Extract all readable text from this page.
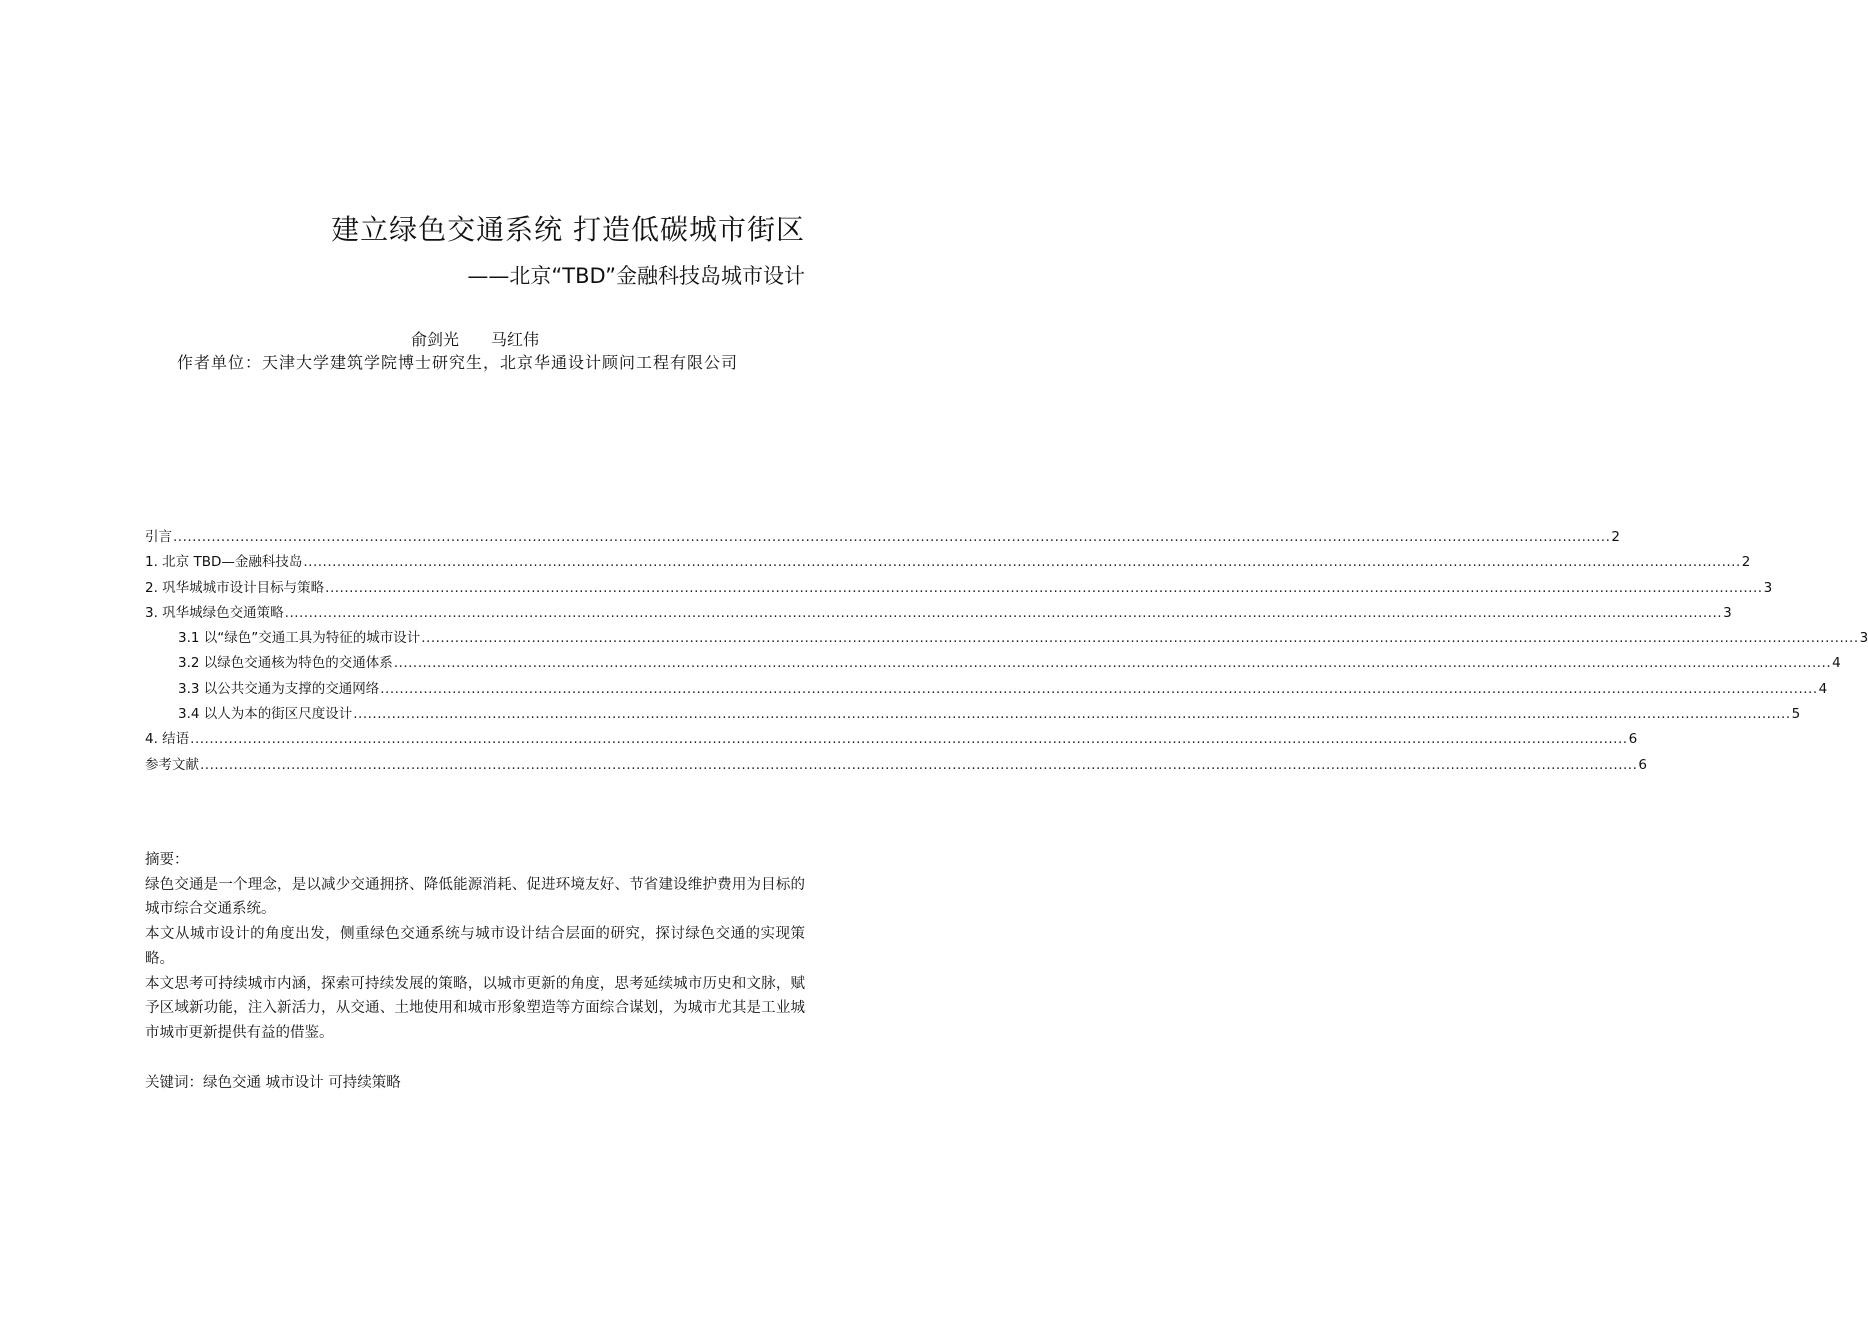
建立绿色交通系统 打造低碳城市街区
——北京“TBD”金融科技岛城市设计
俞剑光 马红伟
作者单位：天津大学建筑学院博士研究生，北京华通设计顾问工程有限公司
引言 ............................................................................................................................................................................................................................................................................................................ 2
1. 北京 TBD—金融科技岛 ............................................................................................................................................................................................................................................................................................................ 2
2. 巩华城城市设计目标与策略 ............................................................................................................................................................................................................................................................................................................ 3
3. 巩华城绿色交通策略 ............................................................................................................................................................................................................................................................................................................ 3
3.1 以“绿色”交通工具为特征的城市设计 ............................................................................................................................................................................................................................................................................................................ 3
3.2 以绿色交通核为特色的交通体系 ............................................................................................................................................................................................................................................................................................................ 4
3.3 以公共交通为支撑的交通网络 ............................................................................................................................................................................................................................................................................................................ 4
3.4 以人为本的街区尺度设计 ............................................................................................................................................................................................................................................................................................................ 5
4. 结语 ............................................................................................................................................................................................................................................................................................................ 6
参考文献 ............................................................................................................................................................................................................................................................................................................ 6

摘要：

绿色交通是一个理念，是以减少交通拥挤、降低能源消耗、促进环境友好、节省建设维护费用为目标的城市综合交通系统。

本文从城市设计的角度出发，侧重绿色交通系统与城市设计结合层面的研究，探讨绿色交通的实现策略。

本文思考可持续城市内涵，探索可持续发展的策略，以城市更新的角度，思考延续城市历史和文脉，赋予区域新功能，注入新活力，从交通、土地使用和城市形象塑造等方面综合谋划，为城市尤其是工业城市城市更新提供有益的借鉴。

关键词：绿色交通 城市设计 可持续策略
